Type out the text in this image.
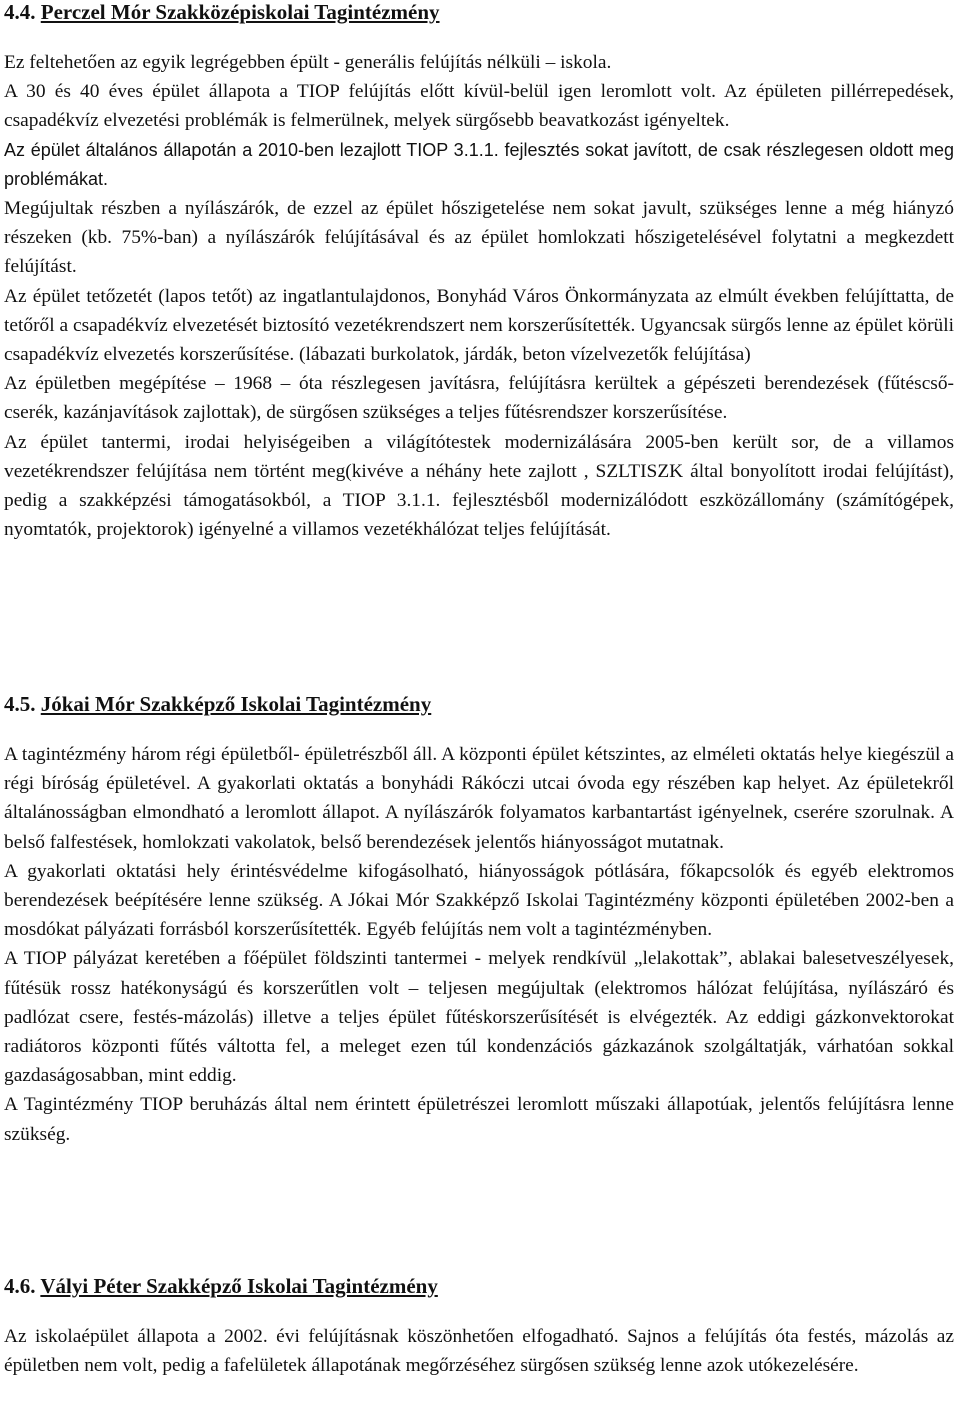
4.4. Perczel Mór Szakközépiskolai Tagintézmény

Ez feltehetően az egyik legrégebben épült - generális felújítás nélküli – iskola.

A 30 és 40 éves épület állapota a TIOP felújítás előtt kívül-belül igen leromlott volt. Az épületen pillérrepedések, csapadékvíz elvezetési problémák is felmerülnek, melyek sürgősebb beavatkozást igényeltek.

Az épület általános állapotán a 2010-ben lezajlott TIOP 3.1.1. fejlesztés sokat javított, de csak részlegesen oldott meg problémákat.

Megújultak részben a nyílászárók, de ezzel az épület hőszigetelése nem sokat javult, szükséges lenne a még hiányzó részeken (kb. 75%-ban) a nyílászárók felújításával és az épület homlokzati hőszigetelésével folytatni a megkezdett felújítást.

Az épület tetőzetét (lapos tetőt) az ingatlantulajdonos, Bonyhád Város Önkormányzata az elmúlt években felújíttatta, de tetőről a csapadékvíz elvezetését biztosító vezetékrendszert nem korszerűsítették. Ugyancsak sürgős lenne az épület körüli csapadékvíz elvezetés korszerűsítése. (lábazati burkolatok, járdák, beton vízelvezetők felújítása)

Az épületben megépítése – 1968 – óta részlegesen javításra, felújításra kerültek a gépészeti berendezések (fűtéscső-cserék, kazánjavítások zajlottak), de sürgősen szükséges a teljes fűtésrendszer korszerűsítése.

Az épület tantermi, irodai helyiségeiben a világítótestek modernizálására 2005-ben került sor, de a villamos vezetékrendszer felújítása nem történt meg(kivéve a néhány hete zajlott , SZLTISZK által bonyolított irodai felújítást), pedig a szakképzési támogatásokból, a TIOP 3.1.1. fejlesztésből modernizálódott eszközállomány (számítógépek, nyomtatók, projektorok) igényelné a villamos vezetékhálózat teljes felújítását.

4.5. Jókai Mór Szakképző Iskolai Tagintézmény

A tagintézmény három régi épületből- épületrészből áll. A központi épület kétszintes, az elméleti oktatás helye kiegészül a régi bíróság épületével. A gyakorlati oktatás a bonyhádi Rákóczi utcai óvoda egy részében kap helyet. Az épületekről általánosságban elmondható a leromlott állapot. A nyílászárók folyamatos karbantartást igényelnek, cserére szorulnak. A belső falfestések, homlokzati vakolatok, belső berendezések jelentős hiányosságot mutatnak.

A gyakorlati oktatási hely érintésvédelme kifogásolható, hiányosságok pótlására, főkapcsolók és egyéb elektromos berendezések beépítésére lenne szükség. A Jókai Mór Szakképző Iskolai Tagintézmény központi épületében 2002-ben a mosdókat pályázati forrásból korszerűsítették. Egyéb felújítás nem volt a tagintézményben.

A TIOP pályázat keretében a főépület földszinti tantermei - melyek rendkívül „lelakottak”, ablakai balesetveszélyesek, fűtésük rossz hatékonyságú és korszerűtlen volt – teljesen megújultak (elektromos hálózat felújítása, nyílászáró és padlózat csere, festés-mázolás) illetve a teljes épület fűtéskorszerűsítését is elvégezték. Az eddigi gázkonvektorokat radiátoros központi fűtés váltotta fel, a meleget ezen túl kondenzációs gázkazánok szolgáltatják, várhatóan sokkal gazdaságosabban, mint eddig.

A Tagintézmény TIOP beruházás által nem érintett épületrészei leromlott műszaki állapotúak, jelentős felújításra lenne szükség.

4.6. Vályi Péter Szakképző Iskolai Tagintézmény

Az iskolaépület állapota a 2002. évi felújításnak köszönhetően elfogadható. Sajnos a felújítás óta festés, mázolás az épületben nem volt, pedig a fafelületek állapotának megőrzéséhez sürgősen szükség lenne azok utókezelésére.
